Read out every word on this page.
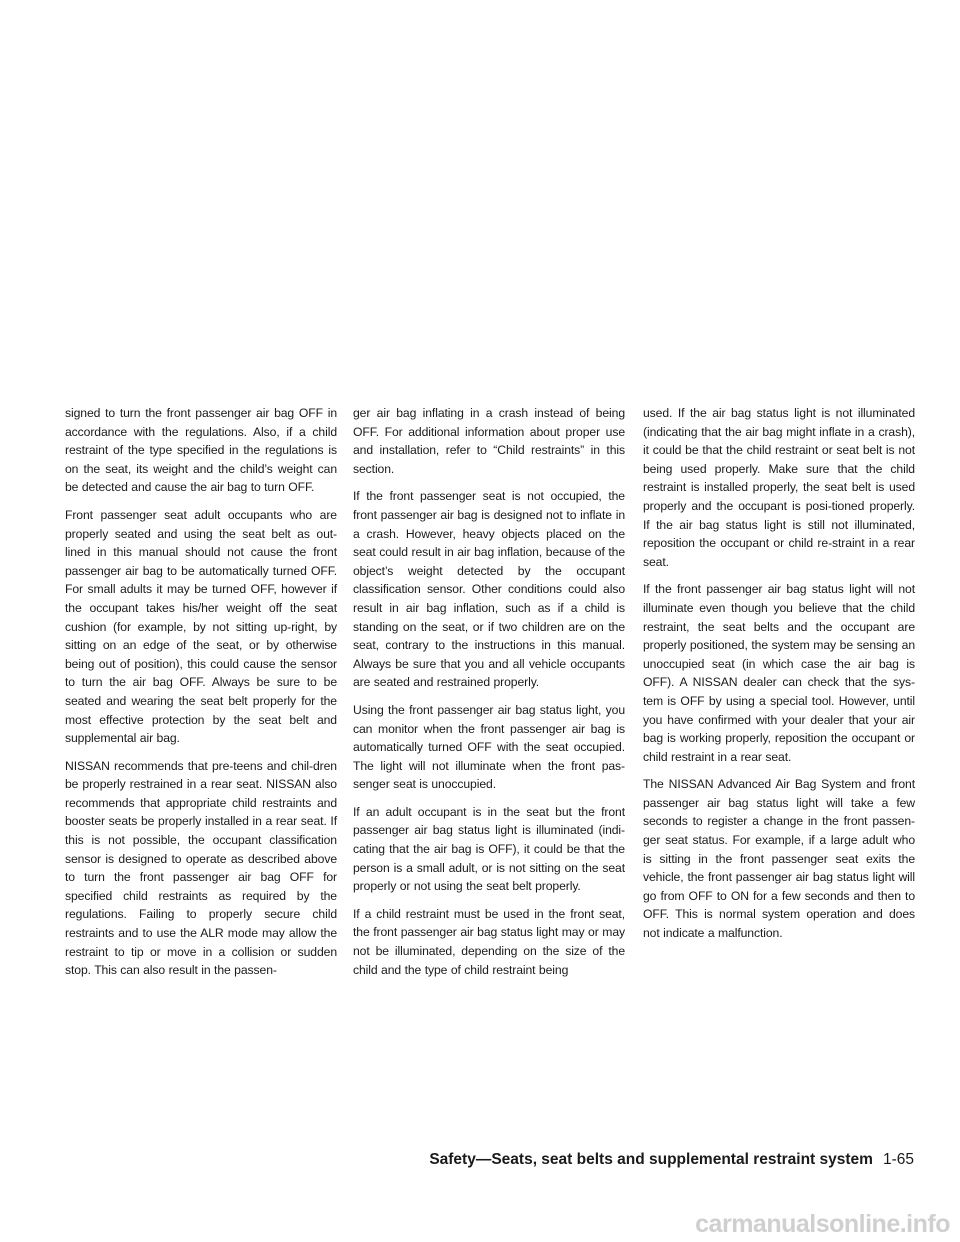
signed to turn the front passenger air bag OFF in accordance with the regulations. Also, if a child restraint of the type specified in the regulations is on the seat, its weight and the child’s weight can be detected and cause the air bag to turn OFF.

Front passenger seat adult occupants who are properly seated and using the seat belt as out-lined in this manual should not cause the front passenger air bag to be automatically turned OFF. For small adults it may be turned OFF, however if the occupant takes his/her weight off the seat cushion (for example, by not sitting up-right, by sitting on an edge of the seat, or by otherwise being out of position), this could cause the sensor to turn the air bag OFF. Always be sure to be seated and wearing the seat belt properly for the most effective protection by the seat belt and supplemental air bag.

NISSAN recommends that pre-teens and chil-dren be properly restrained in a rear seat. NISSAN also recommends that appropriate child restraints and booster seats be properly installed in a rear seat. If this is not possible, the occupant classification sensor is designed to operate as described above to turn the front passenger air bag OFF for specified child restraints as required by the regulations. Failing to properly secure child restraints and to use the ALR mode may allow the restraint to tip or move in a collision or sudden stop. This can also result in the passen-

ger air bag inflating in a crash instead of being OFF. For additional information about proper use and installation, refer to “Child restraints” in this section.

If the front passenger seat is not occupied, the front passenger air bag is designed not to inflate in a crash. However, heavy objects placed on the seat could result in air bag inflation, because of the object’s weight detected by the occupant classification sensor. Other conditions could also result in air bag inflation, such as if a child is standing on the seat, or if two children are on the seat, contrary to the instructions in this manual. Always be sure that you and all vehicle occupants are seated and restrained properly.

Using the front passenger air bag status light, you can monitor when the front passenger air bag is automatically turned OFF with the seat occupied. The light will not illuminate when the front pas-senger seat is unoccupied.

If an adult occupant is in the seat but the front passenger air bag status light is illuminated (indi-cating that the air bag is OFF), it could be that the person is a small adult, or is not sitting on the seat properly or not using the seat belt properly.

If a child restraint must be used in the front seat, the front passenger air bag status light may or may not be illuminated, depending on the size of the child and the type of child restraint being

used. If the air bag status light is not illuminated (indicating that the air bag might inflate in a crash), it could be that the child restraint or seat belt is not being used properly. Make sure that the child restraint is installed properly, the seat belt is used properly and the occupant is posi-tioned properly. If the air bag status light is still not illuminated, reposition the occupant or child re-straint in a rear seat.

If the front passenger air bag status light will not illuminate even though you believe that the child restraint, the seat belts and the occupant are properly positioned, the system may be sensing an unoccupied seat (in which case the air bag is OFF). A NISSAN dealer can check that the sys-tem is OFF by using a special tool. However, until you have confirmed with your dealer that your air bag is working properly, reposition the occupant or child restraint in a rear seat.

The NISSAN Advanced Air Bag System and front passenger air bag status light will take a few seconds to register a change in the front passen-ger seat status. For example, if a large adult who is sitting in the front passenger seat exits the vehicle, the front passenger air bag status light will go from OFF to ON for a few seconds and then to OFF. This is normal system operation and does not indicate a malfunction.

Safety—Seats, seat belts and supplemental restraint system 1-65
carmanualsonline.info
